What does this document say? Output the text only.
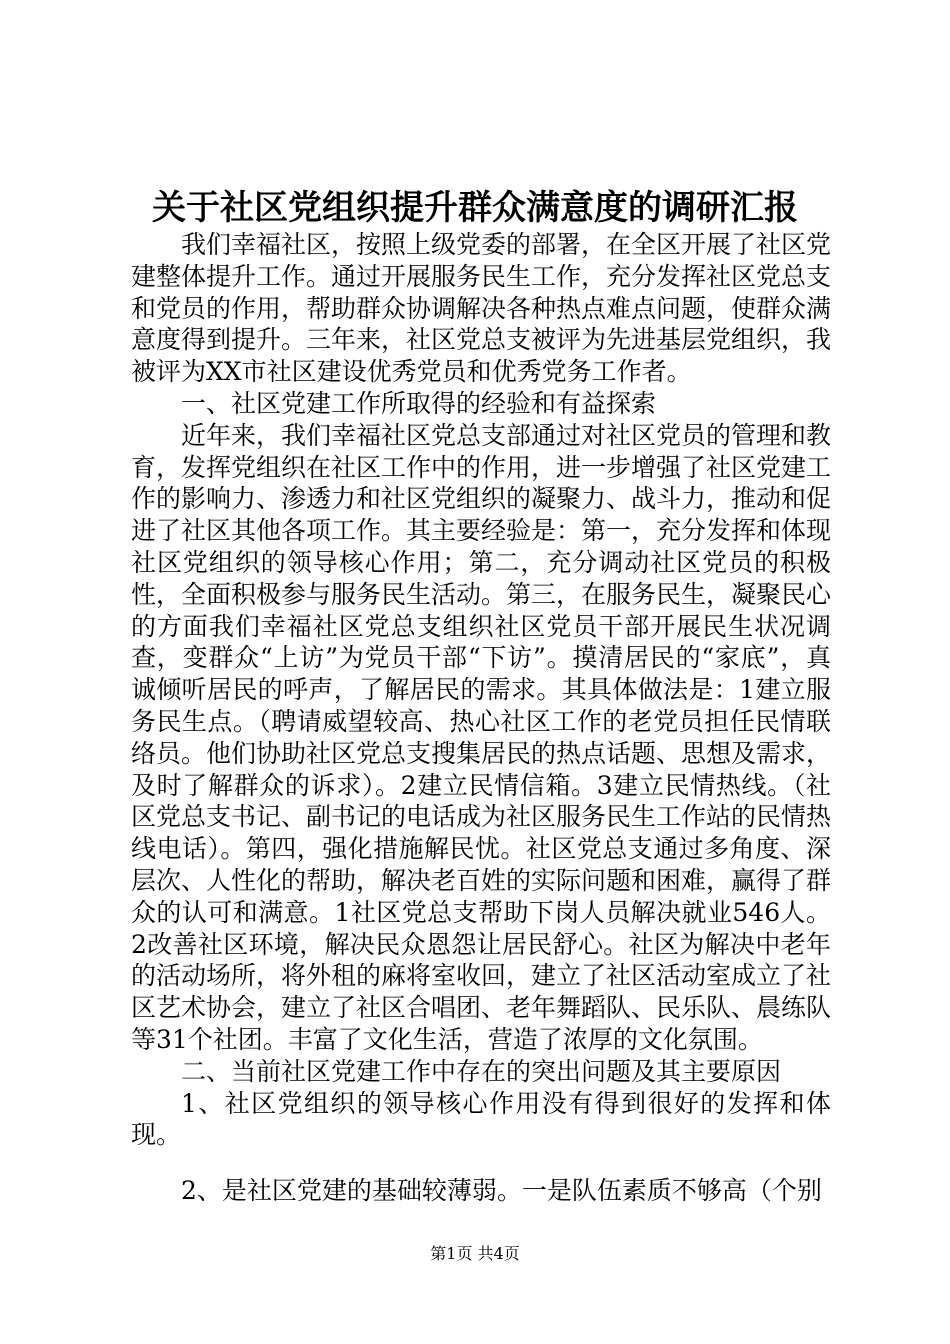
关于社区党组织提升群众满意度的调研汇报

我们幸福社区，按照上级党委的部署，在全区开展了社区党建整体提升工作。通过开展服务民生工作，充分发挥社区党总支和党员的作用，帮助群众协调解决各种热点难点问题，使群众满意度得到提升。三年来，社区党总支被评为先进基层党组织，我被评为XX市社区建设优秀党员和优秀党务工作者。

一、社区党建工作所取得的经验和有益探索

近年来，我们幸福社区党总支部通过对社区党员的管理和教育，发挥党组织在社区工作中的作用，进一步增强了社区党建工作的影响力、渗透力和社区党组织的凝聚力、战斗力，推动和促进了社区其他各项工作。其主要经验是：第一，充分发挥和体现社区党组织的领导核心作用；第二，充分调动社区党员的积极性，全面积极参与服务民生活动。第三，在服务民生，凝聚民心的方面我们幸福社区党总支组织社区党员干部开展民生状况调查，变群众“上访”为党员干部“下访”。摸清居民的“家底”，真诚倾听居民的呼声，了解居民的需求。其具体做法是：1建立服务民生点。（聘请威望较高、热心社区工作的老党员担任民情联络员。他们协助社区党总支搜集居民的热点话题、思想及需求，及时了解群众的诉求）。2建立民情信箱。3建立民情热线。（社区党总支书记、副书记的电话成为社区服务民生工作站的民情热线电话）。第四，强化措施解民忧。社区党总支通过多角度、深层次、人性化的帮助，解决老百姓的实际问题和困难，赢得了群众的认可和满意。1社区党总支帮助下岗人员解决就业546人。2改善社区环境，解决民众恩怨让居民舒心。社区为解决中老年的活动场所，将外租的麻将室收回，建立了社区活动室成立了社区艺术协会，建立了社区合唱团、老年舞蹈队、民乐队、晨练队等31个社团。丰富了文化生活，营造了浓厚的文化氛围。

二、当前社区党建工作中存在的突出问题及其主要原因

1、社区党组织的领导核心作用没有得到很好的发挥和体现。

2、是社区党建的基础较薄弱。一是队伍素质不够高（个别

第1页 共4页
